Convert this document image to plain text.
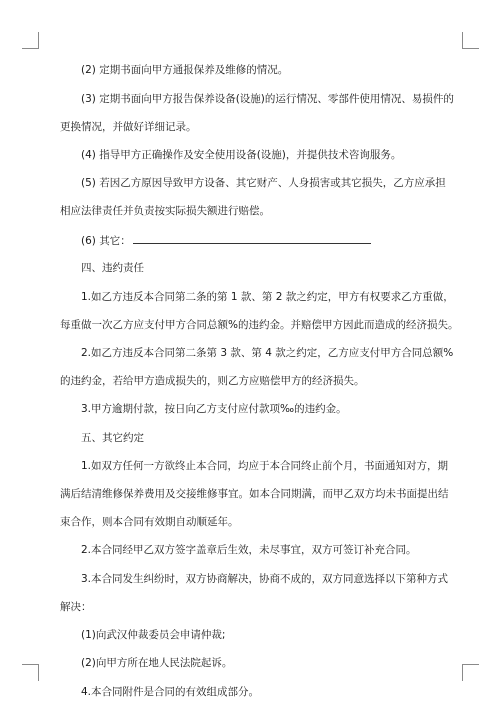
(2) 定期书面向甲方通报保养及维修的情况。
(3) 定期书面向甲方报告保养设备(设施)的运行情况、零部件使用情况、易损件的
更换情况，并做好详细记录。
(4) 指导甲方正确操作及安全使用设备(设施)，并提供技术咨询服务。
(5) 若因乙方原因导致甲方设备、其它财产、人身损害或其它损失，乙方应承担
相应法律责任并负责按实际损失额进行赔偿。
(6) 其它：
四、违约责任
1.如乙方违反本合同第二条的第 1 款、第 2 款之约定，甲方有权要求乙方重做，
每重做一次乙方应支付甲方合同总额%的违约金。并赔偿甲方因此而造成的经济损失。
2.如乙方违反本合同第二条第 3 款、第 4 款之约定，乙方应支付甲方合同总额%
的违约金，若给甲方造成损失的，则乙方应赔偿甲方的经济损失。
3.甲方逾期付款，按日向乙方支付应付款项‰的违约金。
五、其它约定
1.如双方任何一方欲终止本合同，均应于本合同终止前个月，书面通知对方，期
满后结清维修保养费用及交接维修事宜。如本合同期满，而甲乙双方均未书面提出结
束合作，则本合同有效期自动顺延年。
2.本合同经甲乙双方签字盖章后生效，未尽事宜，双方可签订补充合同。
3.本合同发生纠纷时，双方协商解决，协商不成的，双方同意选择以下第种方式
解决：
(1)向武汉仲裁委员会申请仲裁;
(2)向甲方所在地人民法院起诉。
4.本合同附件是合同的有效组成部分。
